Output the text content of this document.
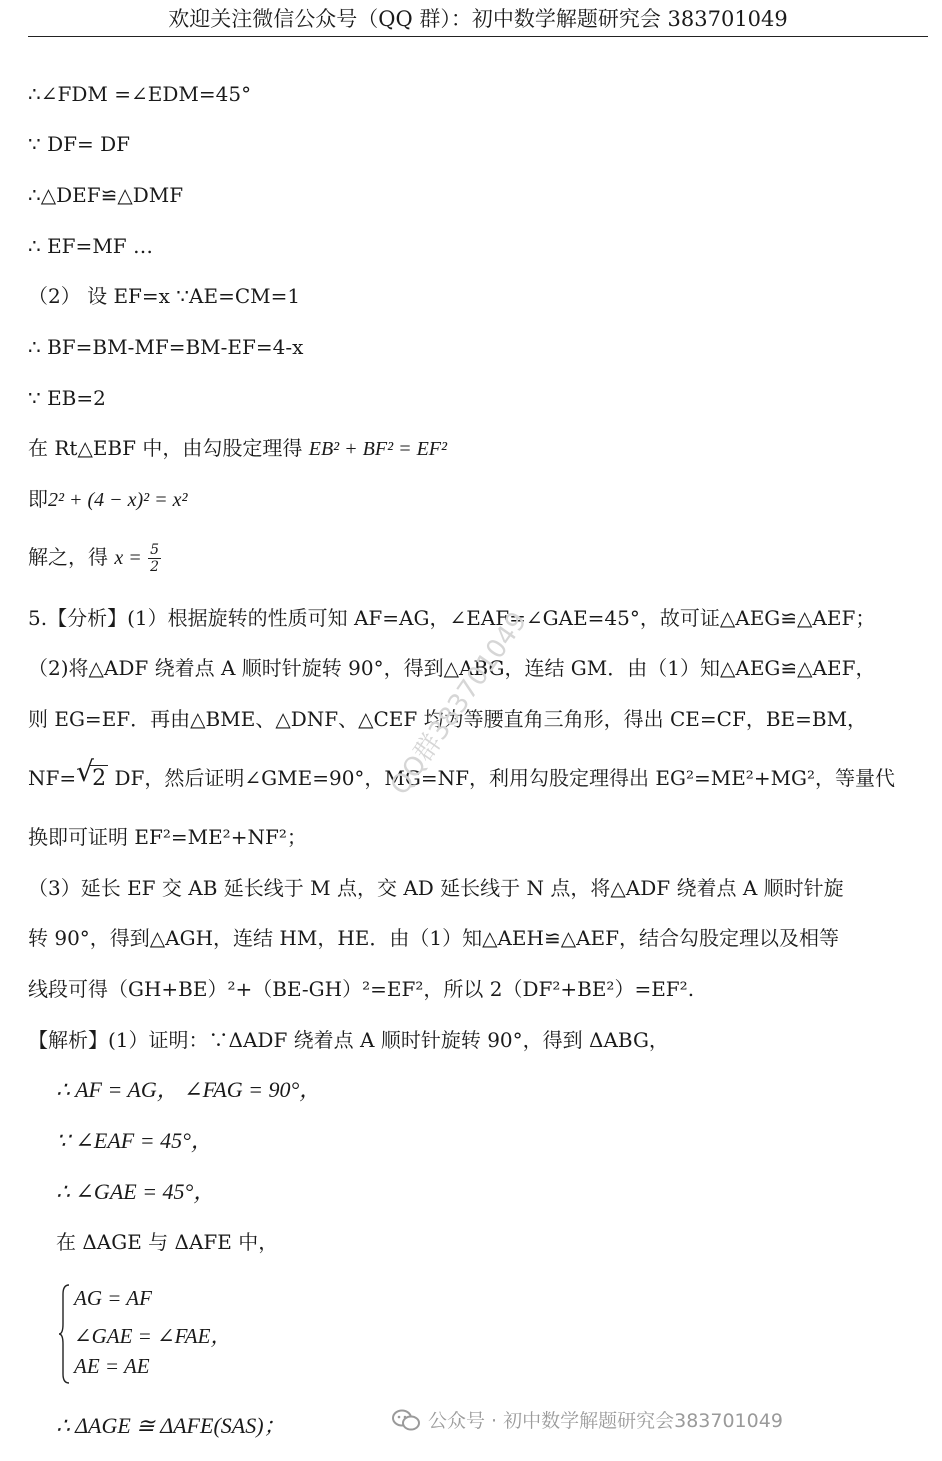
欢迎关注微信公众号（QQ 群）：初中数学解题研究会 383701049
∴∠FDM =∠EDM=45°
∵ DF= DF
∴△DEF≌△DMF
∴ EF=MF …
（2） 设 EF=x ∵AE=CM=1
∴ BF=BM-MF=BM-EF=4-x
∵ EB=2
在 Rt△EBF 中，由勾股定理得 EB² + BF² = EF²
即2² + (4 − x)² = x²
解之，得 $x = \frac{5}{2}$
5.【分析】(1）根据旋转的性质可知 AF=AG，∠EAF=∠GAE=45°，故可证△AEG≌△AEF；
（2)将△ADF 绕着点 A 顺时针旋转 90°，得到△ABG，连结 GM．由（1）知△AEG≌△AEF，
则 EG=EF．再由△BME、△DNF、△CEF 均为等腰直角三角形，得出 CE=CF，BE=BM，
NF= √
2 DF，然后证明∠GME=90°，MG=NF，利用勾股定理得出 EG²=ME²+MG²，等量代
换即可证明 EF²=ME²+NF²；
（3）延长 EF 交 AB 延长线于 M 点，交 AD 延长线于 N 点，将△ADF 绕着点 A 顺时针旋
转 90°，得到△AGH，连结 HM，HE．由（1）知△AEH≌△AEF，结合勾股定理以及相等
线段可得（GH+BE）²+（BE-GH）²=EF²，所以 2（DF²+BE²）=EF².
【解析】(1）证明：∵ΔADF 绕着点 A 顺时针旋转 90°，得到 ΔABG，
∴ AF = AG， ∠FAG = 90°，
∵ ∠EAF = 45°，
∴ ∠GAE = 45°，
在 ΔAGE 与 ΔAFE 中，
AG = AF
∠GAE = ∠FAE，
AE = AE
∴ ΔAGE ≅ ΔAFE(SAS)；
QQ群383701049
公众号 · 初中数学解题研究会383701049
